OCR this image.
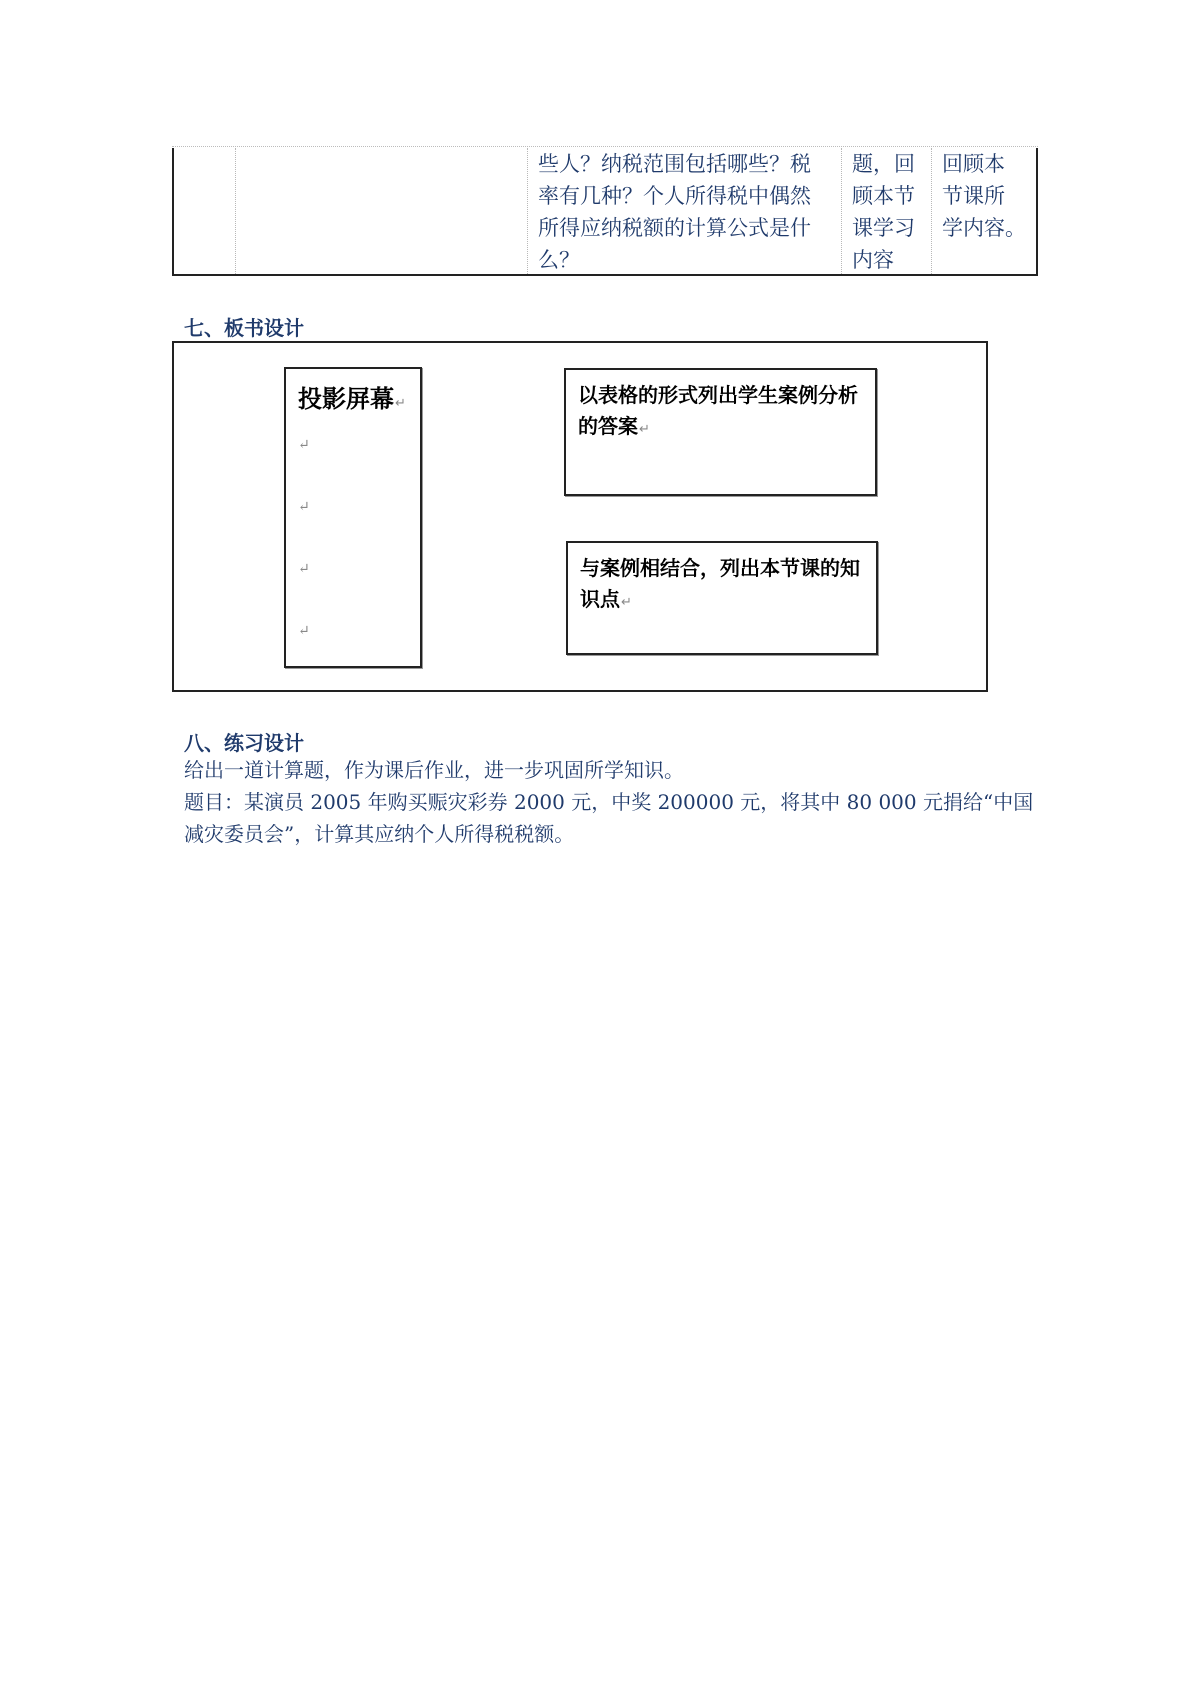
些人？纳税范围包括哪些？税
率有几种？个人所得税中偶然
所得应纳税额的计算公式是什
么？
题，回
顾本节
课学习
内容
回顾本
节课所
学内容。
七、板书设计
投影屏幕↵
↵
↵
↵
↵
以表格的形式列出学生案例分析的答案↵
与案例相结合，列出本节课的知识点↵
八、练习设计
给出一道计算题，作为课后作业，进一步巩固所学知识。
题目：某演员 2005 年购买赈灾彩券 2000 元，中奖 200000 元，将其中 80 000 元捐给“中国减灾委员会”，计算其应纳个人所得税税额。
